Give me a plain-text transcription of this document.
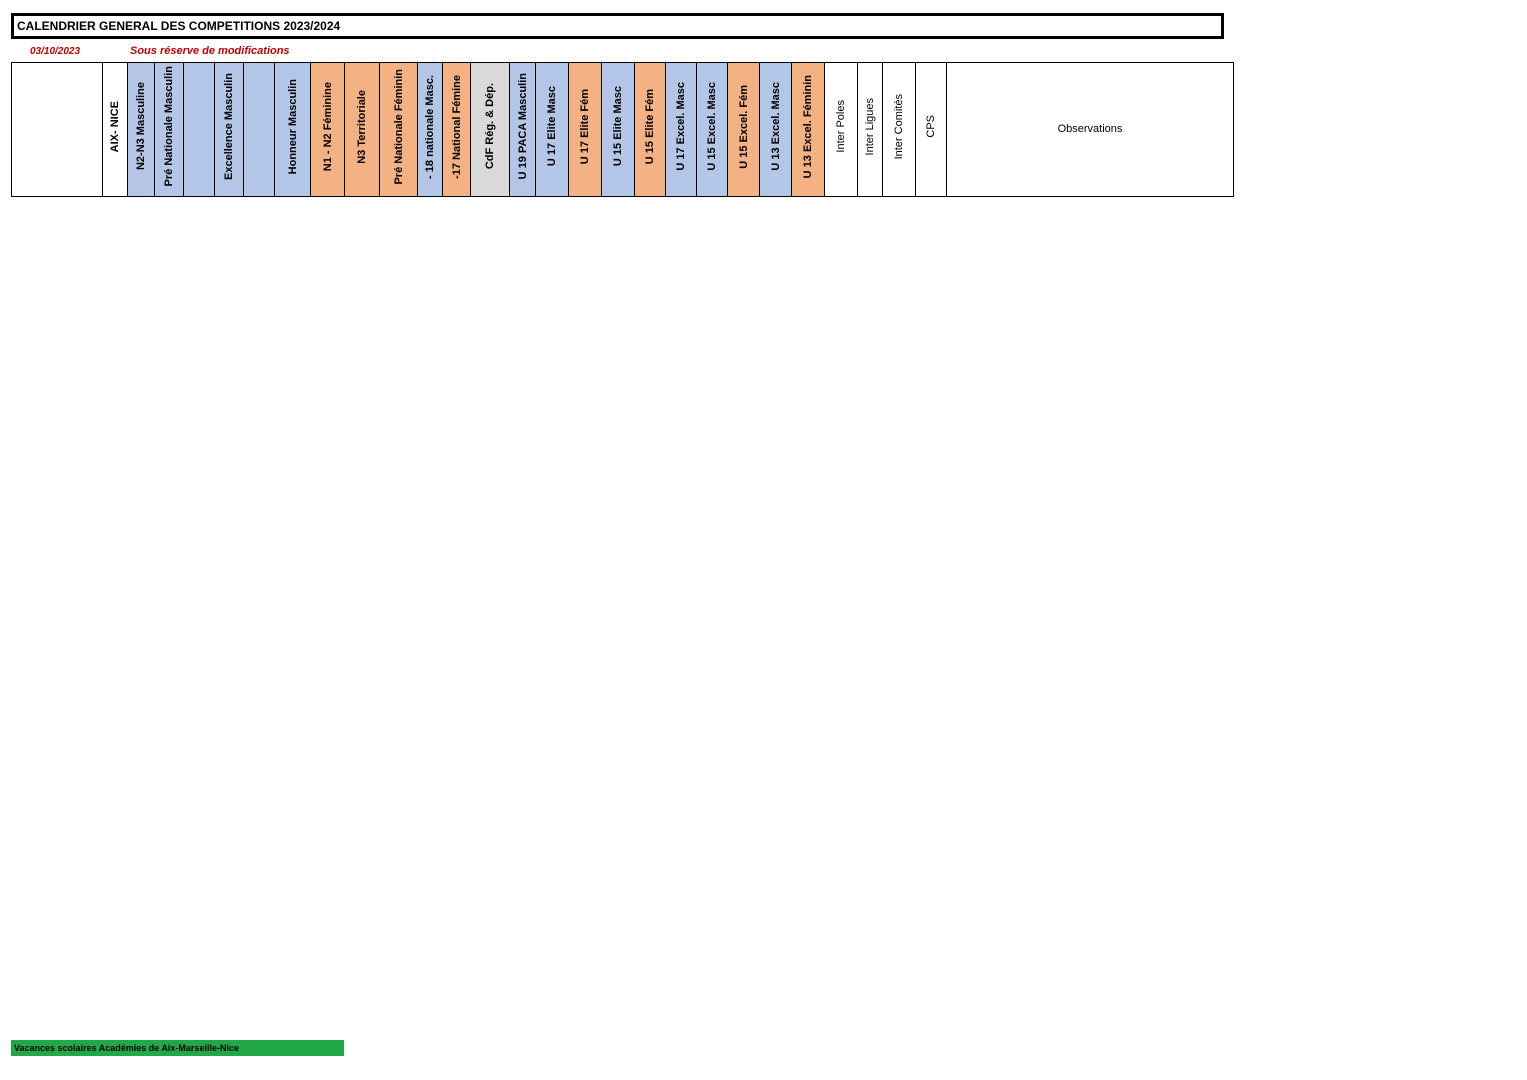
CALENDRIER GENERAL DES COMPETITIONS 2023/2024
03/10/2023	Sous réserve de modifications
	AIX- NICE	N2-N3 Masculine	Pré Nationale Masculin		Excellence Masculin		Honneur Masculin	N1 - N2 Féminine	N3 Territoriale	Pré Nationale Féminin	- 18 nationale Masc.	-17 National Fémine	CdF Rég. & Dép.	U 19 PACA Masculin	U 17 Elite Masc	U 17 Elite Fém	U 15 Elite Masc	U 15 Elite Fém	U 17 Excel. Masc	U 15 Excel. Masc	U 15 Excel. Fém	U 13 Excel. Masc	U 13 Excel. Féminin	Inter Poles	Inter Ligues	Inter Comités	CPS	Observations
Vacances scolaires Académies de Aix-Marseille-Nice
